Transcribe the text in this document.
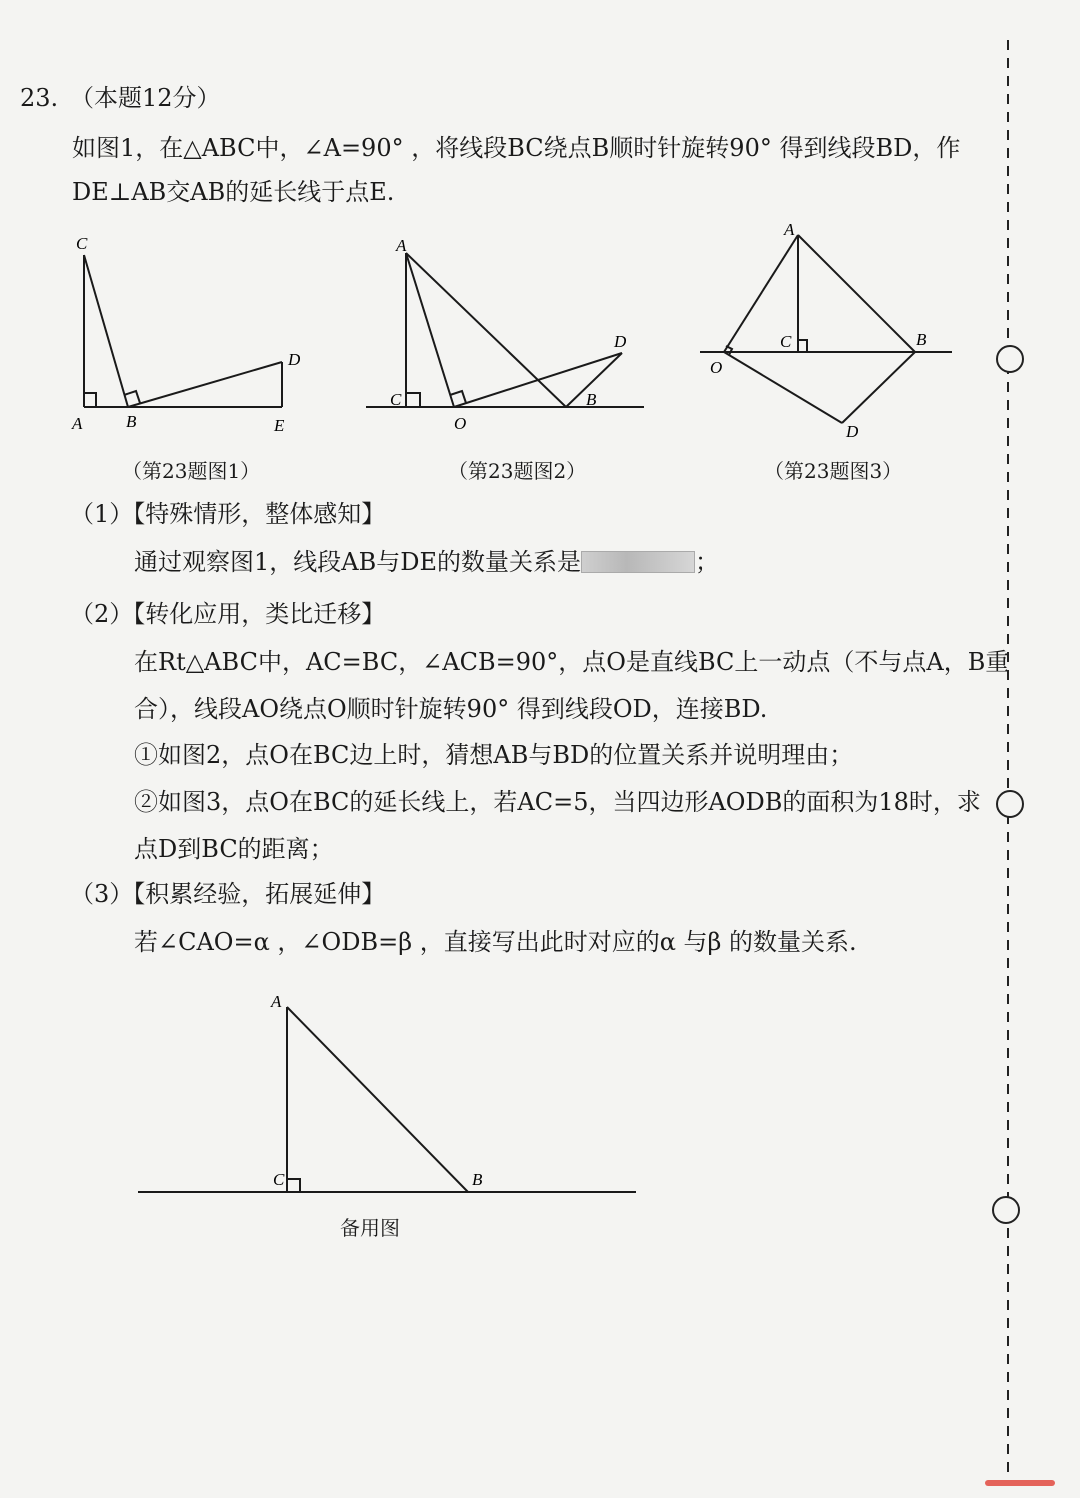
23. （本题12分）
如图1，在△ABC中，∠A=90° ，将线段BC绕点B顺时针旋转90° 得到线段BD，作
DE⊥AB交AB的延长线于点E.
C
A	B
D
E
（第23题图1）
A
C
O
D
B
（第23题图2）
A
C	B
O
D
（第23题图3）
（1）【特殊情形，整体感知】
通过观察图1，线段AB与DE的数量关系是	；
（2）【转化应用，类比迁移】
在Rt△ABC中，AC=BC，∠ACB=90°，点O是直线BC上一动点（不与点A，B重
合），线段AO绕点O顺时针旋转90° 得到线段OD，连接BD.
①如图2，点O在BC边上时，猜想AB与BD的位置关系并说明理由；
②如图3，点O在BC的延长线上，若AC=5，当四边形AODB的面积为18时，求
点D到BC的距离；
（3）【积累经验，拓展延伸】
若∠CAO=α ，∠ODB=β ，直接写出此时对应的α 与β 的数量关系.
A
C	B
备用图
